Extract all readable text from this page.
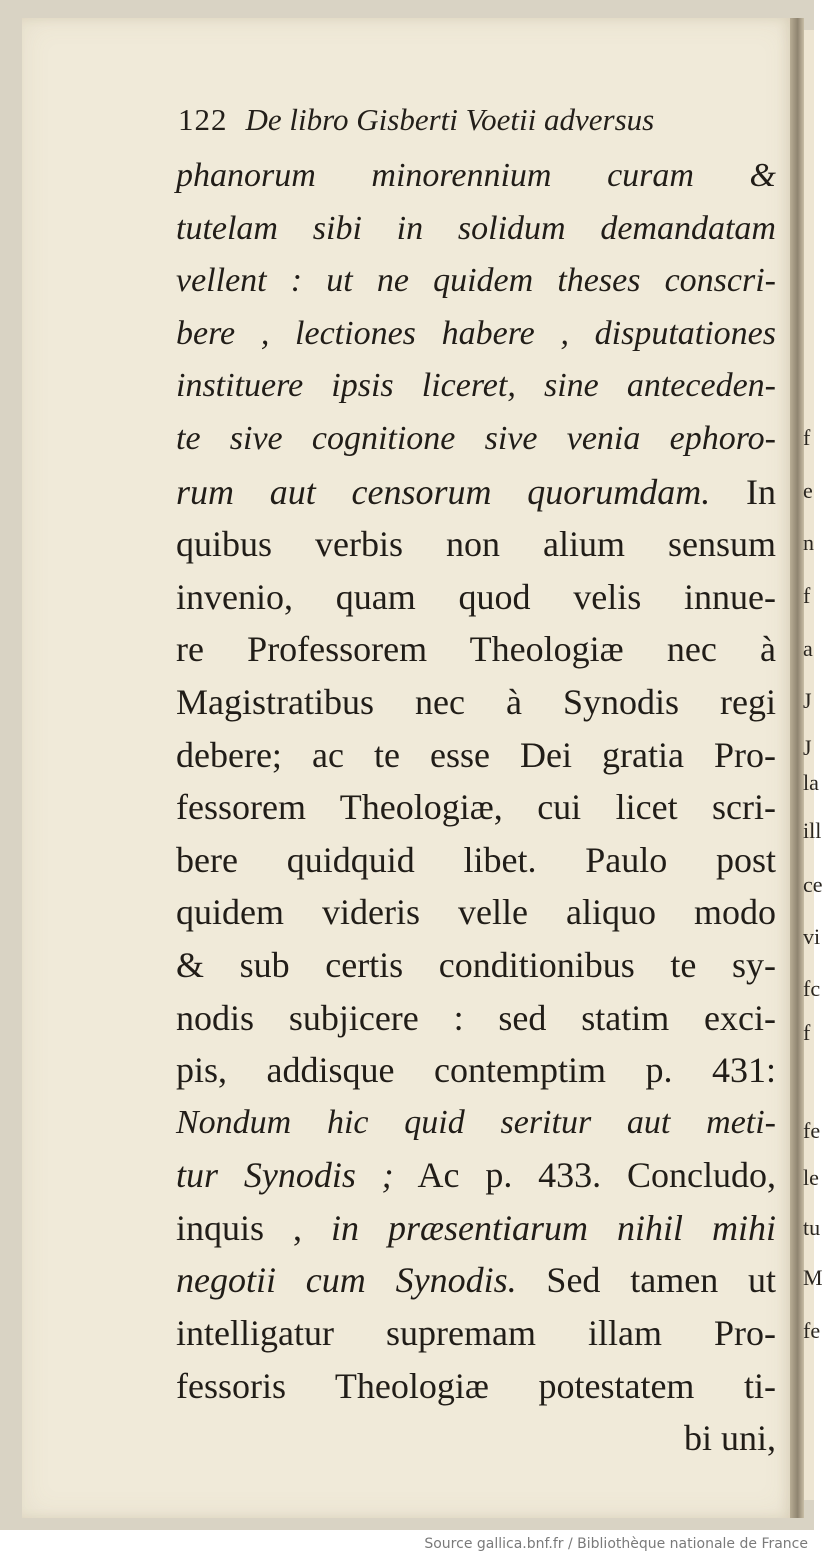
f
e
n
f
a
J
J
la
ill
ce
vi
fc
f
fe
le
tu
M
fe
122 De libro Gisberti Voetii adversus
phanorum minorennium curam &
tutelam sibi in solidum demandatam
vellent : ut ne quidem theses conscri-
bere , lectiones habere , disputationes
instituere ipsis liceret, sine anteceden-
te sive cognitione sive venia ephoro-
rum aut censorum quorumdam. In
quibus verbis non alium sensum
invenio, quam quod velis innue-
re Professorem Theologiæ nec à
Magistratibus nec à Synodis regi
debere; ac te esse Dei gratia Pro-
fessorem Theologiæ, cui licet scri-
bere quidquid libet. Paulo post
quidem videris velle aliquo modo
& sub certis conditionibus te sy-
nodis subjicere : sed statim exci-
pis, addisque contemptim p. 431:
Nondum hic quid seritur aut meti-
tur Synodis ; Ac p. 433. Concludo,
inquis , in præsentiarum nihil mihi
negotii cum Synodis. Sed tamen ut
intelligatur supremam illam Pro-
fessoris Theologiæ potestatem ti-
bi uni,
Source gallica.bnf.fr / Bibliothèque nationale de France
